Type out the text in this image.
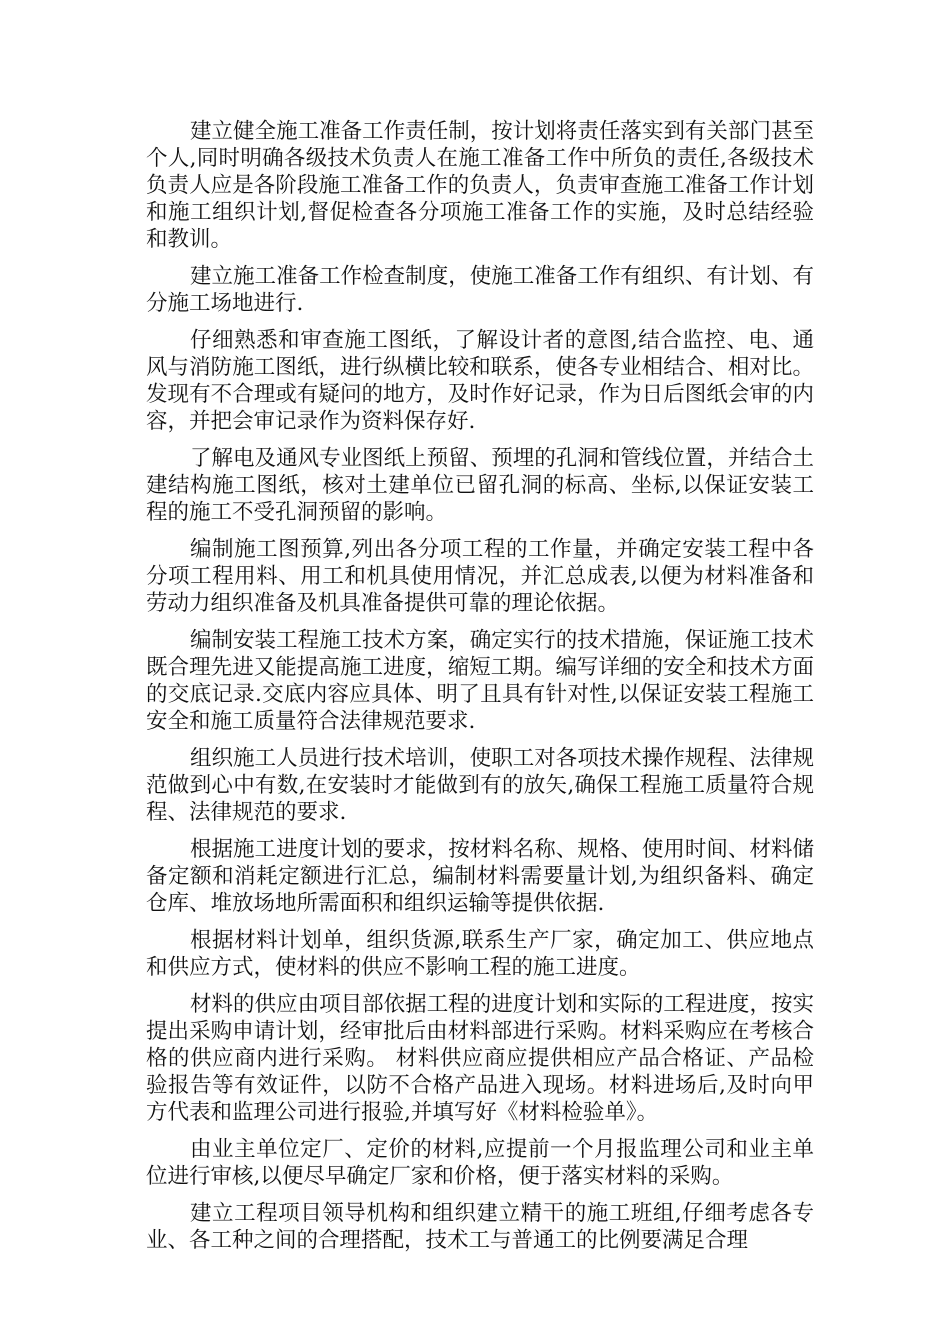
建立健全施工准备工作责任制，按计划将责任落实到有关部门甚至个人,同时明确各级技术负责人在施工准备工作中所负的责任,各级技术负责人应是各阶段施工准备工作的负责人，负责审查施工准备工作计划和施工组织计划,督促检查各分项施工准备工作的实施，及时总结经验和教训。

建立施工准备工作检查制度，使施工准备工作有组织、有计划、有分施工场地进行.

仔细熟悉和审查施工图纸，了解设计者的意图,结合监控、电、通风与消防施工图纸，进行纵横比较和联系，使各专业相结合、相对比。发现有不合理或有疑问的地方，及时作好记录，作为日后图纸会审的内容，并把会审记录作为资料保存好.

了解电及通风专业图纸上预留、预埋的孔洞和管线位置，并结合土建结构施工图纸，核对土建单位已留孔洞的标高、坐标,以保证安装工程的施工不受孔洞预留的影响。

编制施工图预算,列出各分项工程的工作量，并确定安装工程中各分项工程用料、用工和机具使用情况，并汇总成表,以便为材料准备和劳动力组织准备及机具准备提供可靠的理论依据。

编制安装工程施工技术方案，确定实行的技术措施，保证施工技术既合理先进又能提高施工进度，缩短工期。编写详细的安全和技术方面的交底记录.交底内容应具体、明了且具有针对性,以保证安装工程施工安全和施工质量符合法律规范要求.

组织施工人员进行技术培训，使职工对各项技术操作规程、法律规范做到心中有数,在安装时才能做到有的放矢,确保工程施工质量符合规程、法律规范的要求.

根据施工进度计划的要求，按材料名称、规格、使用时间、材料储备定额和消耗定额进行汇总，编制材料需要量计划,为组织备料、确定仓库、堆放场地所需面积和组织运输等提供依据.

根据材料计划单，组织货源,联系生产厂家，确定加工、供应地点和供应方式，使材料的供应不影响工程的施工进度。

材料的供应由项目部依据工程的进度计划和实际的工程进度，按实提出采购申请计划，经审批后由材料部进行采购。材料采购应在考核合格的供应商内进行采购。 材料供应商应提供相应产品合格证、产品检验报告等有效证件，以防不合格产品进入现场。材料进场后,及时向甲方代表和监理公司进行报验,并填写好《材料检验单》。

由业主单位定厂、定价的材料,应提前一个月报监理公司和业主单位进行审核,以便尽早确定厂家和价格，便于落实材料的采购。

建立工程项目领导机构和组织建立精干的施工班组,仔细考虑各专业、各工种之间的合理搭配，技术工与普通工的比例要满足合理
